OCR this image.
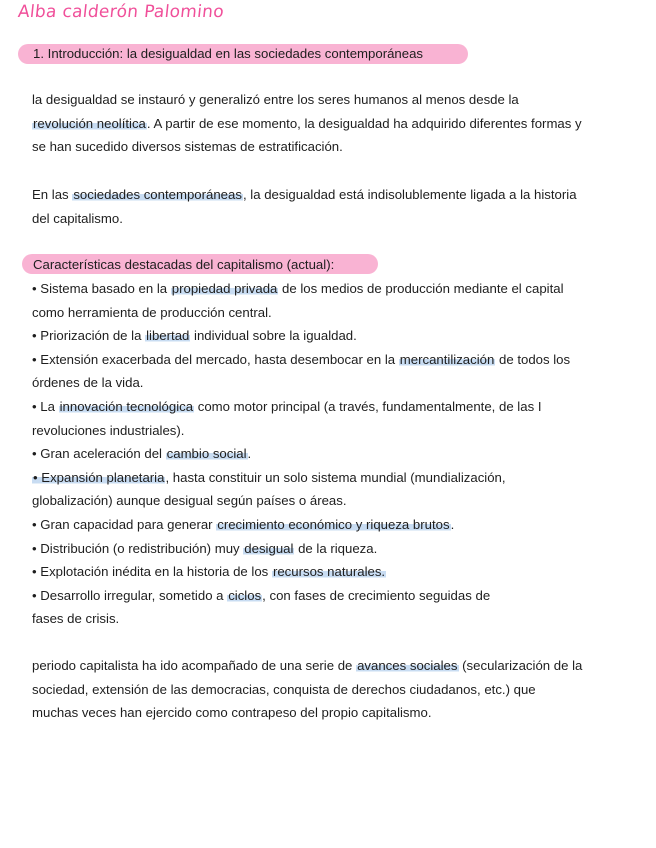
Alba calderón Palomino
1. Introducción: la desigualdad en las sociedades contemporáneas
la desigualdad se instauró y generalizó entre los seres humanos al menos desde la
revolución neolítica. A partir de ese momento, la desigualdad ha adquirido diferentes formas y
se han sucedido diversos sistemas de estratificación.
En las sociedades contemporáneas, la desigualdad está indisolublemente ligada a la historia
del capitalismo.
Características destacadas del capitalismo (actual):
• Sistema basado en la propiedad privada de los medios de producción mediante el capital
como herramienta de producción central.
• Priorización de la libertad individual sobre la igualdad.
• Extensión exacerbada del mercado, hasta desembocar en la mercantilización de todos los
órdenes de la vida.
• La innovación tecnológica como motor principal (a través, fundamentalmente, de las I
revoluciones industriales).
• Gran aceleración del cambio social.
• Expansión planetaria, hasta constituir un solo sistema mundial (mundialización,
globalización) aunque desigual según países o áreas.
• Gran capacidad para generar crecimiento económico y riqueza brutos.
• Distribución (o redistribución) muy desigual de la riqueza.
• Explotación inédita en la historia de los recursos naturales.
• Desarrollo irregular, sometido a ciclos, con fases de crecimiento seguidas de
fases de crisis.
periodo capitalista ha ido acompañado de una serie de avances sociales (secularización de la
sociedad, extensión de las democracias, conquista de derechos ciudadanos, etc.) que
muchas veces han ejercido como contrapeso del propio capitalismo.
